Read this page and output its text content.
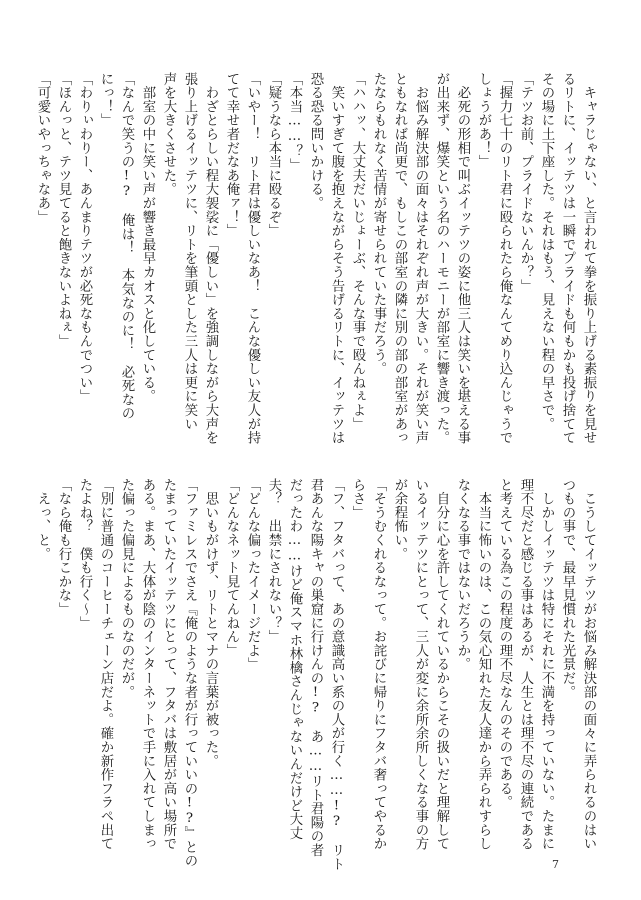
　キャラじゃない、と言われて拳を振り上げる素振りを見せ
るリトに、イッテツは一瞬でプライドも何もかも投げ捨てて
その場に土下座した。それはもう、見えない程の早さで。
「テツお前、プライドないんか？」
「握力七十のリト君に殴られたら俺なんてめり込んじゃうで
しょうがあ！」
　必死の形相で叫ぶイッテツの姿に他三人は笑いを堪える事
が出来ず、爆笑という名のハーモニーが部室に響き渡った。
　お悩み解決部の面々はそれぞれ声が大きい。それが笑い声
ともなれば尚更で、もしこの部室の隣に別の部の部室があっ
たならもれなく苦情が寄せられていた事だろう。
「ハハッ、大丈夫だいじょーぶ、そんな事で殴んねぇよ」
　笑いすぎて腹を抱えながらそう告げるリトに、イッテツは
恐る恐る問いかける。
「本当……？」
「疑うなら本当に殴るぞ」
「いやー！　リト君は優しいなあ！　こんな優しい友人が持
てて幸せ者だなあ俺ァ！」
　わざとらしい程大袈裟に「優しい」を強調しながら大声を
張り上げるイッテツに、リトを筆頭とした三人は更に笑い
声を大きくさせた。
　部室の中に笑い声が響き最早カオスと化している。
「なんで笑うの!?　俺は！　本気なのに！　必死なの
にっ！」
「わりぃわりー、あんまりテツが必死なもんでつい」
「ほんっと、テツ見てると飽きないよねぇ」
「可愛いやっちゃなあ」
　こうしてイッテツがお悩み解決部の面々に弄られるのはい
つもの事で、最早見慣れた光景だ。
　しかしイッテツは特にそれに不満を持っていない。たまに
理不尽だと感じる事はあるが、人生とは理不尽の連続である
と考えている為この程度の理不尽なんのそのである。
　本当に怖いのは、この気心知れた友人達から弄られすらし
なくなる事ではないだろうか。
　自分に心を許してくれているからこその扱いだと理解して
いるイッテツにとって、三人が変に余所余所しくなる事の方
が余程怖い。
「そうむくれるなって。お詫びに帰りにフタバ奢ってやるか
らさ」
「フ、フタバって、あの意識高い系の人が行く……!?　リト
君あんな陽キャの巣窟に行けんの!?　あ……リト君陽の者
だったわ……けど俺スマホ林檎さんじゃないんだけど大丈
夫？　出禁にされない？」
「どんな偏ったイメージだよ」
「どんなネット見てんねん」
　思いもがけず、リトとマナの言葉が被った。
「ファミレスでさえ『俺のような者が行っていいの!?』との
たまっていたイッテツにとって、フタバは敷居が高い場所で
ある。まあ、大体が陰のインターネットで手に入れてしまっ
た偏った偏見によるものなのだが。
「別に普通のコーヒーチェーン店だよ。確か新作フラペ出て
たよね？　僕も行く～」
「なら俺も行こかな」
　えっ、と。
7
